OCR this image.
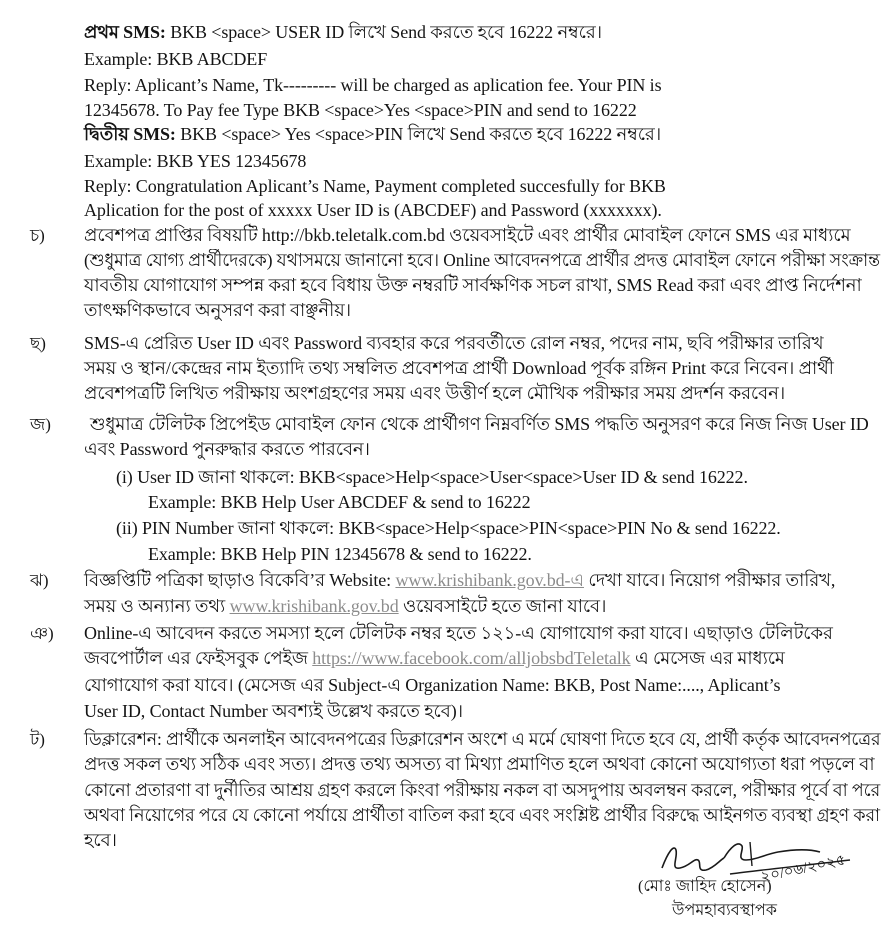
প্রথম SMS: BKB <space> USER ID লিখে Send করতে হবে 16222 নম্বরে।
Example: BKB ABCDEF
Reply: Aplicant’s Name, Tk--------- will be charged as aplication fee. Your PIN is
12345678. To Pay fee Type BKB <space>Yes <space>PIN and send to 16222
দ্বিতীয় SMS: BKB <space> Yes <space>PIN লিখে Send করতে হবে 16222 নম্বরে।
Example: BKB YES 12345678
Reply: Congratulation Aplicant’s Name, Payment completed succesfully for BKB
Aplication for the post of xxxxx User ID is (ABCDEF) and Password (xxxxxxx).
চ) প্রবেশপত্র প্রাপ্তির বিষয়টি http://bkb.teletalk.com.bd ওয়েবসাইটে এবং প্রার্থীর মোবাইল ফোনে SMS এর মাধ্যমে
(শুধুমাত্র যোগ্য প্রার্থীদেরকে) যথাসময়ে জানানো হবে। Online আবেদনপত্রে প্রার্থীর প্রদত্ত মোবাইল ফোনে পরীক্ষা সংক্রান্ত
যাবতীয় যোগাযোগ সম্পন্ন করা হবে বিধায় উক্ত নম্বরটি সার্বক্ষণিক সচল রাখা, SMS Read করা এবং প্রাপ্ত নির্দেশনা
তাৎক্ষণিকভাবে অনুসরণ করা বাঞ্ছনীয়।
ছ) SMS-এ প্রেরিত User ID এবং Password ব্যবহার করে পরবর্তীতে রোল নম্বর, পদের নাম, ছবি পরীক্ষার তারিখ
সময় ও স্থান/কেন্দ্রের নাম ইত্যাদি তথ্য সম্বলিত প্রবেশপত্র প্রার্থী Download পূর্বক রঙ্গিন Print করে নিবেন। প্রার্থী
প্রবেশপত্রটি লিখিত পরীক্ষায় অংশগ্রহণের সময় এবং উত্তীর্ণ হলে মৌখিক পরীক্ষার সময় প্রদর্শন করবেন।
জ) শুধুমাত্র টেলিটক প্রিপেইড মোবাইল ফোন থেকে প্রার্থীগণ নিম্নবর্ণিত SMS পদ্ধতি অনুসরণ করে নিজ নিজ User ID
এবং Password পুনরুদ্ধার করতে পারবেন।
(i) User ID জানা থাকলে: BKB<space>Help<space>User<space>User ID & send 16222.
Example: BKB Help User ABCDEF & send to 16222
(ii) PIN Number জানা থাকলে: BKB<space>Help<space>PIN<space>PIN No & send 16222.
Example: BKB Help PIN 12345678 & send to 16222.
ঝ) বিজ্ঞপ্তিটি পত্রিকা ছাড়াও বিকেবি’র Website: www.krishibank.gov.bd-এ দেখা যাবে। নিয়োগ পরীক্ষার তারিখ,
সময় ও অন্যান্য তথ্য www.krishibank.gov.bd ওয়েবসাইটে হতে জানা যাবে।
ঞ) Online-এ আবেদন করতে সমস্যা হলে টেলিটক নম্বর হতে ১২১-এ যোগাযোগ করা যাবে। এছাড়াও টেলিটকের
জবপোর্টাল এর ফেইসবুক পেইজ https://www.facebook.com/alljobsbdTeletalk এ মেসেজ এর মাধ্যমে
যোগাযোগ করা যাবে। (মেসেজ এর Subject-এ Organization Name: BKB, Post Name:...., Aplicant’s
User ID, Contact Number অবশ্যই উল্লেখ করতে হবে)।
ট) ডিক্লারেশন: প্রার্থীকে অনলাইন আবেদনপত্রের ডিক্লারেশন অংশে এ মর্মে ঘোষণা দিতে হবে যে, প্রার্থী কর্তৃক আবেদনপত্রের
প্রদত্ত সকল তথ্য সঠিক এবং সত্য। প্রদত্ত তথ্য অসত্য বা মিথ্যা প্রমাণিত হলে অথবা কোনো অযোগ্যতা ধরা পড়লে বা
কোনো প্রতারণা বা দুর্নীতির আশ্রয় গ্রহণ করলে কিংবা পরীক্ষায় নকল বা অসদুপায় অবলম্বন করলে, পরীক্ষার পূর্বে বা পরে
অথবা নিয়োগের পরে যে কোনো পর্যায়ে প্রার্থীতা বাতিল করা হবে এবং সংশ্লিষ্ট প্রার্থীর বিরুদ্ধে আইনগত ব্যবস্থা গ্রহণ করা
হবে।
২০/০৬/২০২৫
(মোঃ জাহিদ হোসেন)
উপমহাব্যবস্থাপক
